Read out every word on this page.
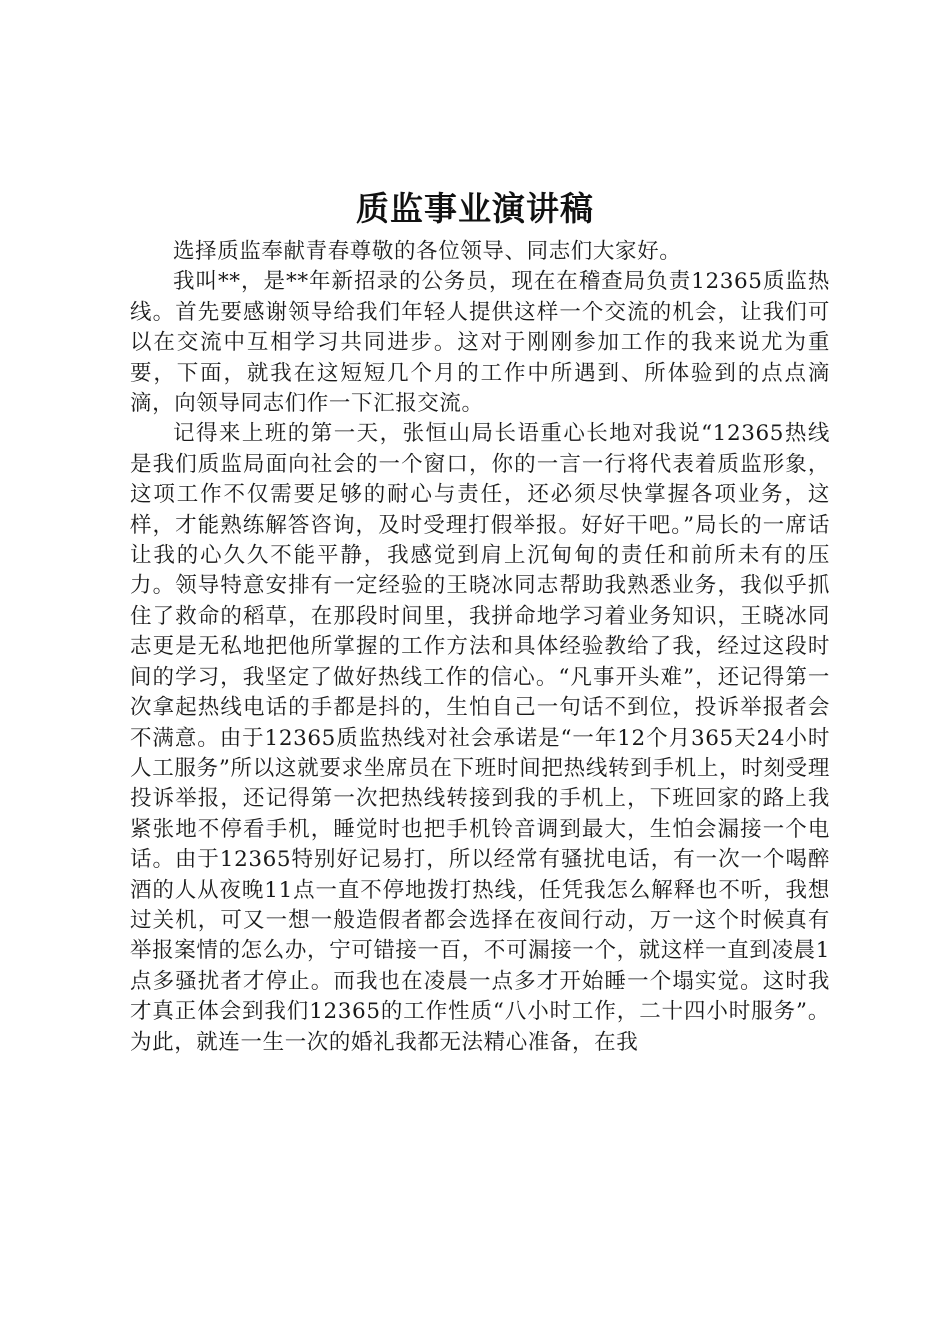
质监事业演讲稿

选择质监奉献青春尊敬的各位领导、同志们大家好。

我叫**，是**年新招录的公务员，现在在稽查局负责12365质监热线。首先要感谢领导给我们年轻人提供这样一个交流的机会，让我们可以在交流中互相学习共同进步。这对于刚刚参加工作的我来说尤为重要，下面，就我在这短短几个月的工作中所遇到、所体验到的点点滴滴，向领导同志们作一下汇报交流。

记得来上班的第一天，张恒山局长语重心长地对我说“12365热线是我们质监局面向社会的一个窗口，你的一言一行将代表着质监形象，这项工作不仅需要足够的耐心与责任，还必须尽快掌握各项业务，这样，才能熟练解答咨询，及时受理打假举报。好好干吧。”局长的一席话让我的心久久不能平静，我感觉到肩上沉甸甸的责任和前所未有的压力。领导特意安排有一定经验的王晓冰同志帮助我熟悉业务，我似乎抓住了救命的稻草，在那段时间里，我拼命地学习着业务知识，王晓冰同志更是无私地把他所掌握的工作方法和具体经验教给了我，经过这段时间的学习，我坚定了做好热线工作的信心。“凡事开头难”，还记得第一次拿起热线电话的手都是抖的，生怕自己一句话不到位，投诉举报者会不满意。由于12365质监热线对社会承诺是“一年12个月365天24小时人工服务”所以这就要求坐席员在下班时间把热线转到手机上，时刻受理投诉举报，还记得第一次把热线转接到我的手机上，下班回家的路上我紧张地不停看手机，睡觉时也把手机铃音调到最大，生怕会漏接一个电话。由于12365特别好记易打，所以经常有骚扰电话，有一次一个喝醉酒的人从夜晚11点一直不停地拨打热线，任凭我怎么解释也不听，我想过关机，可又一想一般造假者都会选择在夜间行动，万一这个时候真有举报案情的怎么办，宁可错接一百，不可漏接一个，就这样一直到凌晨1点多骚扰者才停止。而我也在凌晨一点多才开始睡一个塌实觉。这时我才真正体会到我们12365的工作性质“八小时工作，二十四小时服务”。为此，就连一生一次的婚礼我都无法精心准备，在我
